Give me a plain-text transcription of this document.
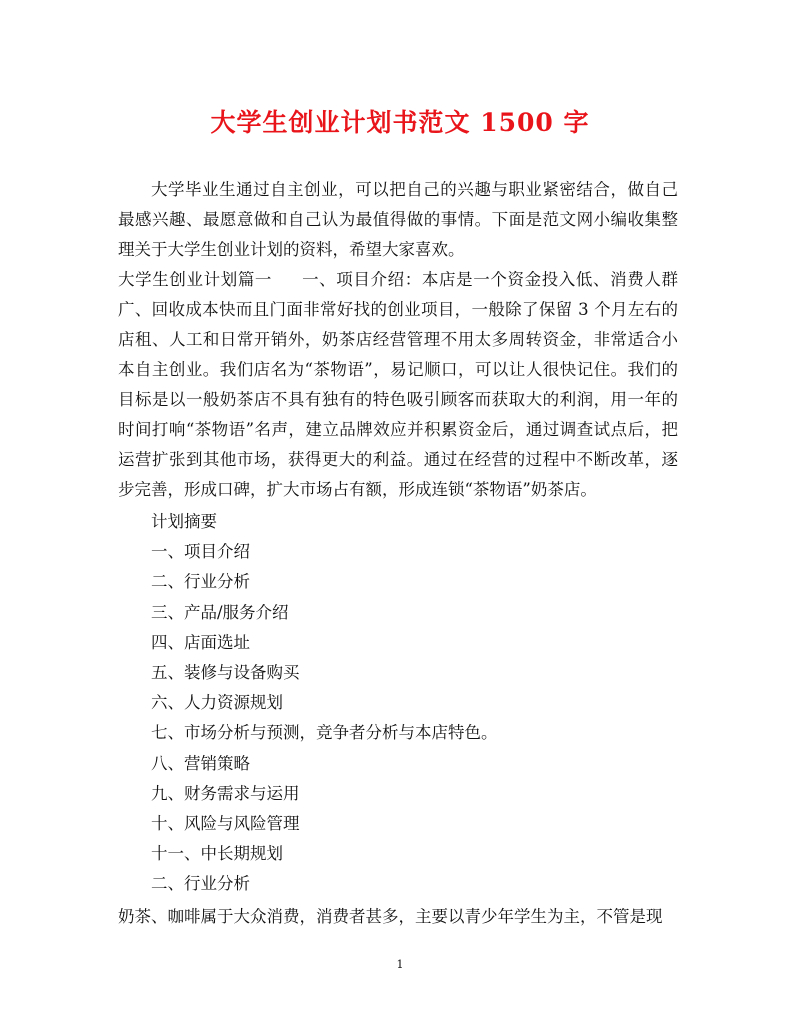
大学生创业计划书范文 1500 字

大学毕业生通过自主创业，可以把自己的兴趣与职业紧密结合，做自己最感兴趣、最愿意做和自己认为最值得做的事情。下面是范文网小编收集整理关于大学生创业计划的资料，希望大家喜欢。

大学生创业计划篇一 一、项目介绍：本店是一个资金投入低、消费人群广、回收成本快而且门面非常好找的创业项目，一般除了保留 3 个月左右的店租、人工和日常开销外，奶茶店经营管理不用太多周转资金，非常适合小本自主创业。我们店名为“茶物语”，易记顺口，可以让人很快记住。我们的目标是以一般奶茶店不具有独有的特色吸引顾客而获取大的利润，用一年的时间打响“茶物语”名声，建立品牌效应并积累资金后，通过调查试点后，把运营扩张到其他市场，获得更大的利益。通过在经营的过程中不断改革，逐步完善，形成口碑，扩大市场占有额，形成连锁“茶物语”奶茶店。

计划摘要

一、项目介绍

二、行业分析

三、产品/服务介绍

四、店面选址

五、装修与设备购买

六、人力资源规划

七、市场分析与预测，竞争者分析与本店特色。

八、营销策略

九、财务需求与运用

十、风险与风险管理

十一、中长期规划

二、行业分析

奶茶、咖啡属于大众消费，消费者甚多，主要以青少年学生为主，不管是现

1
